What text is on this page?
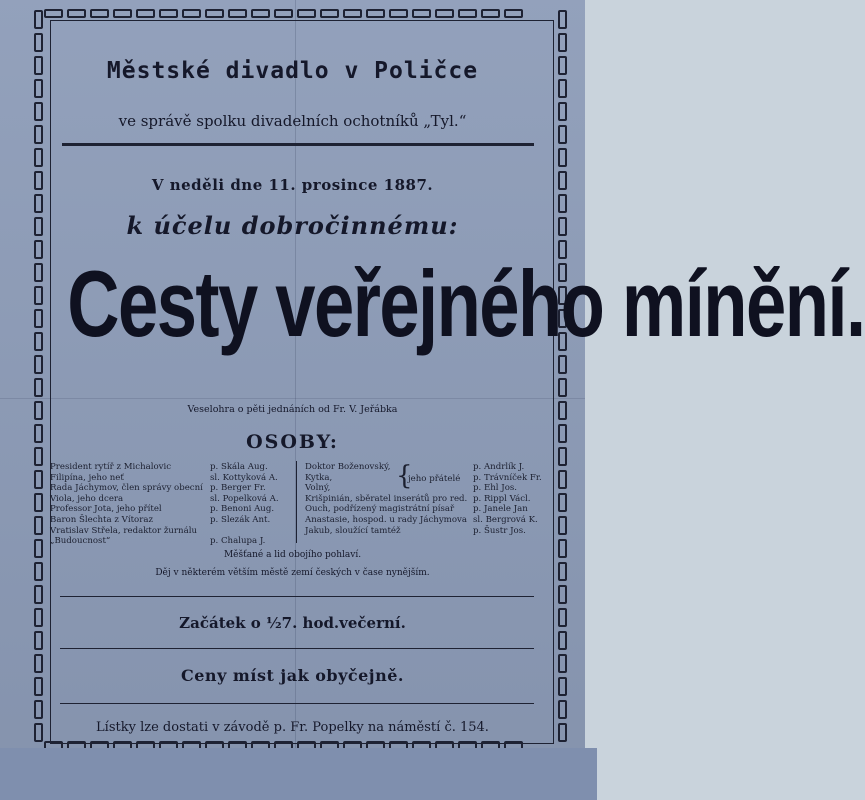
Městské divadlo v Poličce
ve správě spolku divadelních ochotníků „Tyl.“
V neděli dne 11. prosince 1887.
k účelu dobročinnému:
Cesty veřejného mínění.
Veselohra o pěti jednáních od Fr. V. Jeřábka
OSOBY:
President rytíř z Michalovic	p. Skála Aug.
Filipína, jeho neť	sl. Kottyková A.
Rada Jáchymov, člen správy obecní p. Berger Fr.
Viola, jeho dcera	sl. Popelková A.
Professor Jota, jeho přítel	p. Benoni Aug.
Baron Šlechta z Vítoraz	p. Slezák Ant.
Vratislav Střela, redaktor žurnálu
„Budoucnost“	p. Chalupa J.
Doktor Boženovský,	p. Andrlík J.
Kytka,	p. Trávníček Fr.
Volný,	p. Ehl Jos.
Krišpinián, sběratel inserátů pro red. p. Rippl Václ.
Ouch, podřízený magistrátní písař p. Janele Jan
Anastasie, hospod. u rady Jáchymova sl. Bergrová K.
Jakub, sloužící tamtéž	p. Šustr Jos.
{
jeho přátelé
Měšťané a lid obojího pohlaví.
Děj v některém větším městě zemí českých v čase nynějším.
Začátek o ½7. hod.večerní.
Ceny míst jak obyčejně.
Lístky lze dostati v závodě p. Fr. Popelky na náměstí č. 154.
